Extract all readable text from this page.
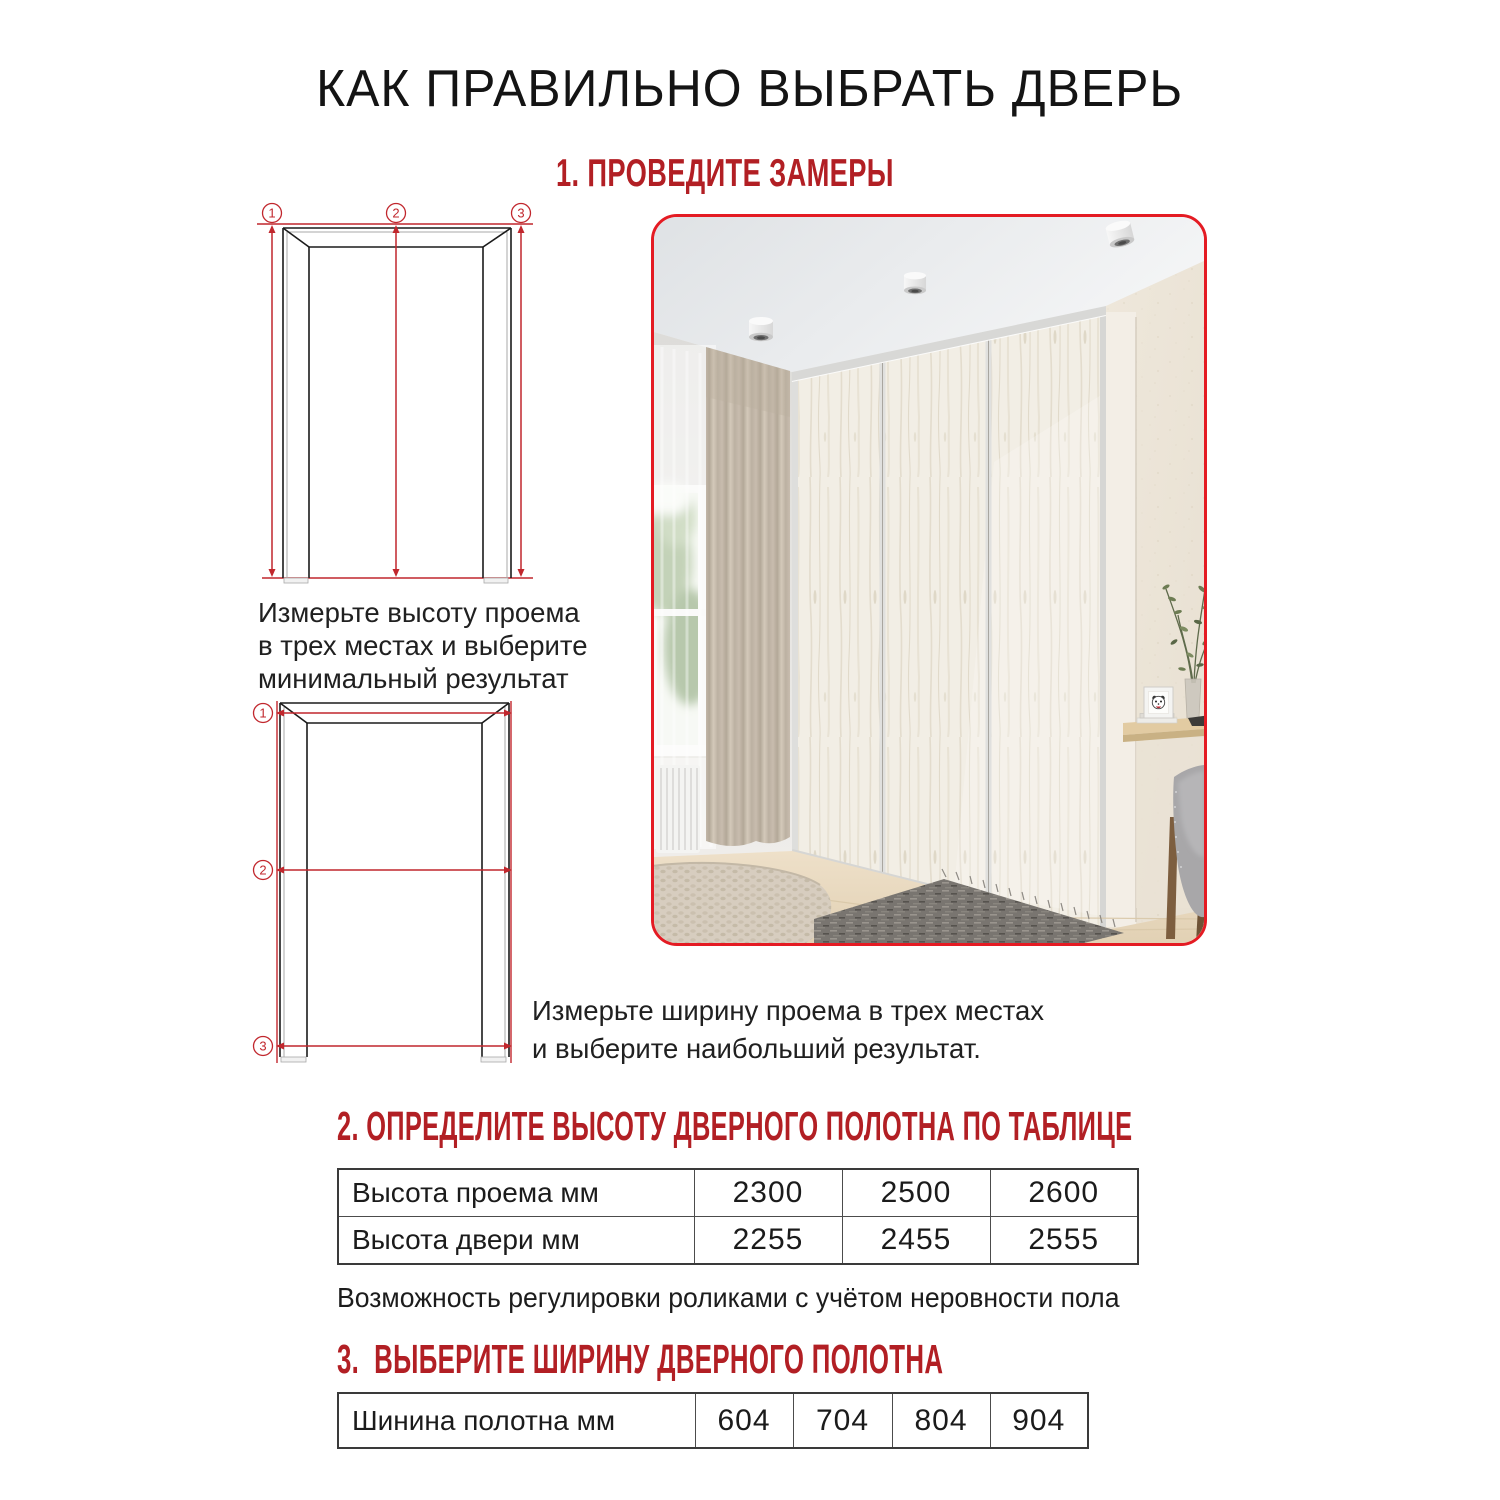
КАК ПРАВИЛЬНО ВЫБРАТЬ ДВЕРЬ
1. ПРОВЕДИТЕ ЗАМЕРЫ
1	2	3
Измерьте высоту проема
в трех местах и выберите
минимальный результат
1
2
3
Измерьте ширину проема в трех местах
и выберите наибольший результат.
2. ОПРЕДЕЛИТЕ ВЫСОТУ ДВЕРНОГО ПОЛОТНА ПО ТАБЛИЦЕ
Высота проема мм	2300	2500	2600
Высота двери мм	2255	2455	2555
Возможность регулировки роликами с учётом неровности пола
3.  ВЫБЕРИТЕ ШИРИНУ ДВЕРНОГО ПОЛОТНА
Шинина полотна мм	604	704	804	904
